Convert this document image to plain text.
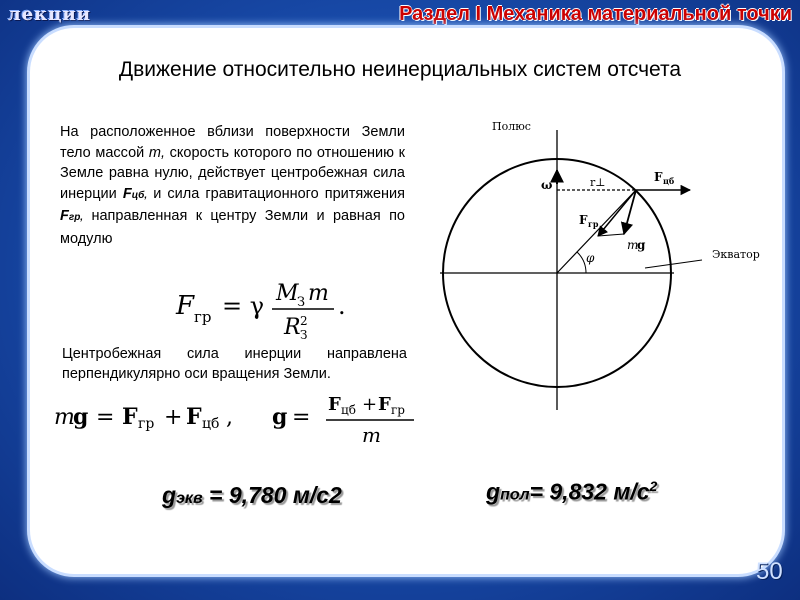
лекции	Раздел I Механика материальной точки
Движение относительно неинерциальных систем отсчета
На расположенное вблизи поверхности Земли тело массой m, скорость которого по отношению к Земле равна нулю, действует центробежная сила инерции Fцб, и сила гравитационного притяжения Fгр, направленная к центру Земли и равная по модулю
F гр = γ M
З m
R 2
З
.
Центробежная сила инерции направлена перпендикулярно оси вращения Земли.
m
g = F гр + F цб , g =
F цб + F гр
m
gэкв = 9,780 м/с2	gпол= 9,832 $м/с^2$
Полюс
Экватор
ω	r⊥	F цб
F гр
m
g
φ
50
